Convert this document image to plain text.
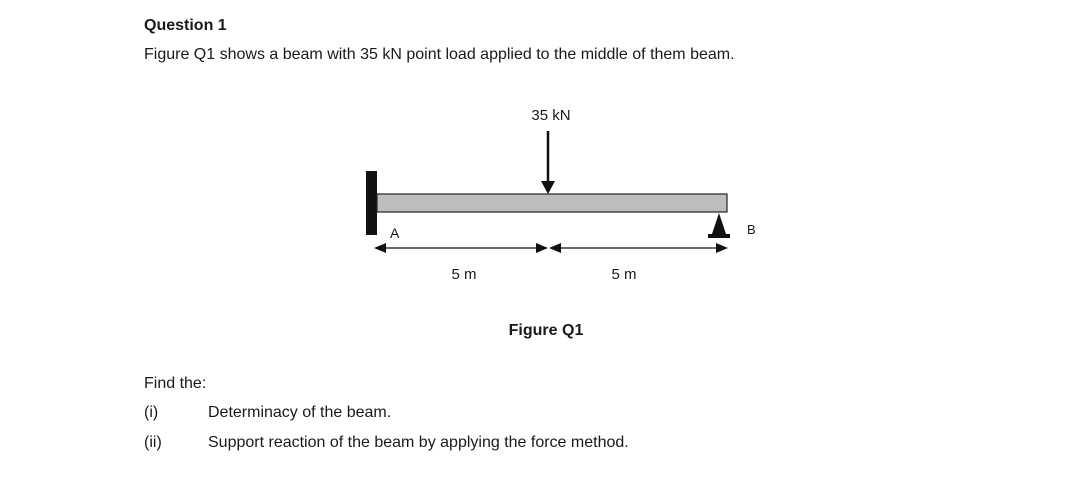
Question 1
Figure Q1 shows a beam with 35 kN point load applied to the middle of them beam.
35 kN
A	B
5 m	5 m
Figure Q1
Find the:
(i)	Determinacy of the beam.
(ii)	Support reaction of the beam by applying the force method.
